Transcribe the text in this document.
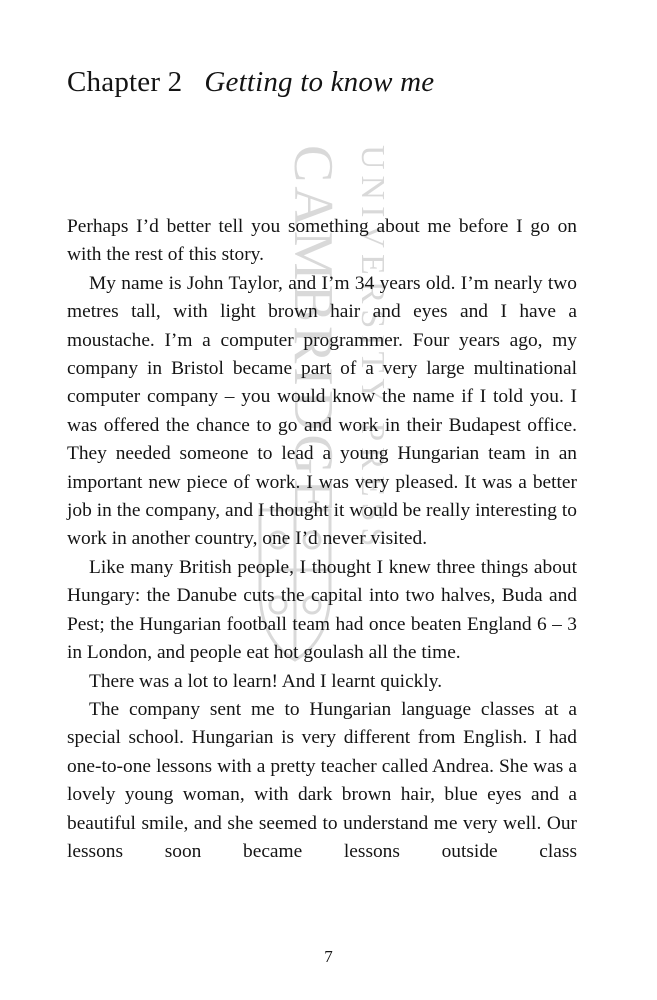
CAMBRIDGE UNIVERSITY PRESS
Chapter 2 Getting to know me

Perhaps I’d better tell you something about me before I go on with the rest of this story.

My name is John Taylor, and I’m 34 years old. I’m nearly two metres tall, with light brown hair and eyes and I have a moustache. I’m a computer programmer. Four years ago, my company in Bristol became part of a very large multinational computer company – you would know the name if I told you. I was offered the chance to go and work in their Budapest office. They needed someone to lead a young Hungarian team in an important new piece of work. I was very pleased. It was a better job in the company, and I thought it would be really interesting to work in another country, one I’d never visited.

Like many British people, I thought I knew three things about Hungary: the Danube cuts the capital into two halves, Buda and Pest; the Hungarian football team had once beaten England 6 – 3 in London, and people eat hot goulash all the time.

There was a lot to learn! And I learnt quickly.

The company sent me to Hungarian language classes at a special school. Hungarian is very different from English. I had one-to-one lessons with a pretty teacher called Andrea. She was a lovely young woman, with dark brown hair, blue eyes and a beautiful smile, and she seemed to understand me very well. Our lessons soon became lessons outside class

7
